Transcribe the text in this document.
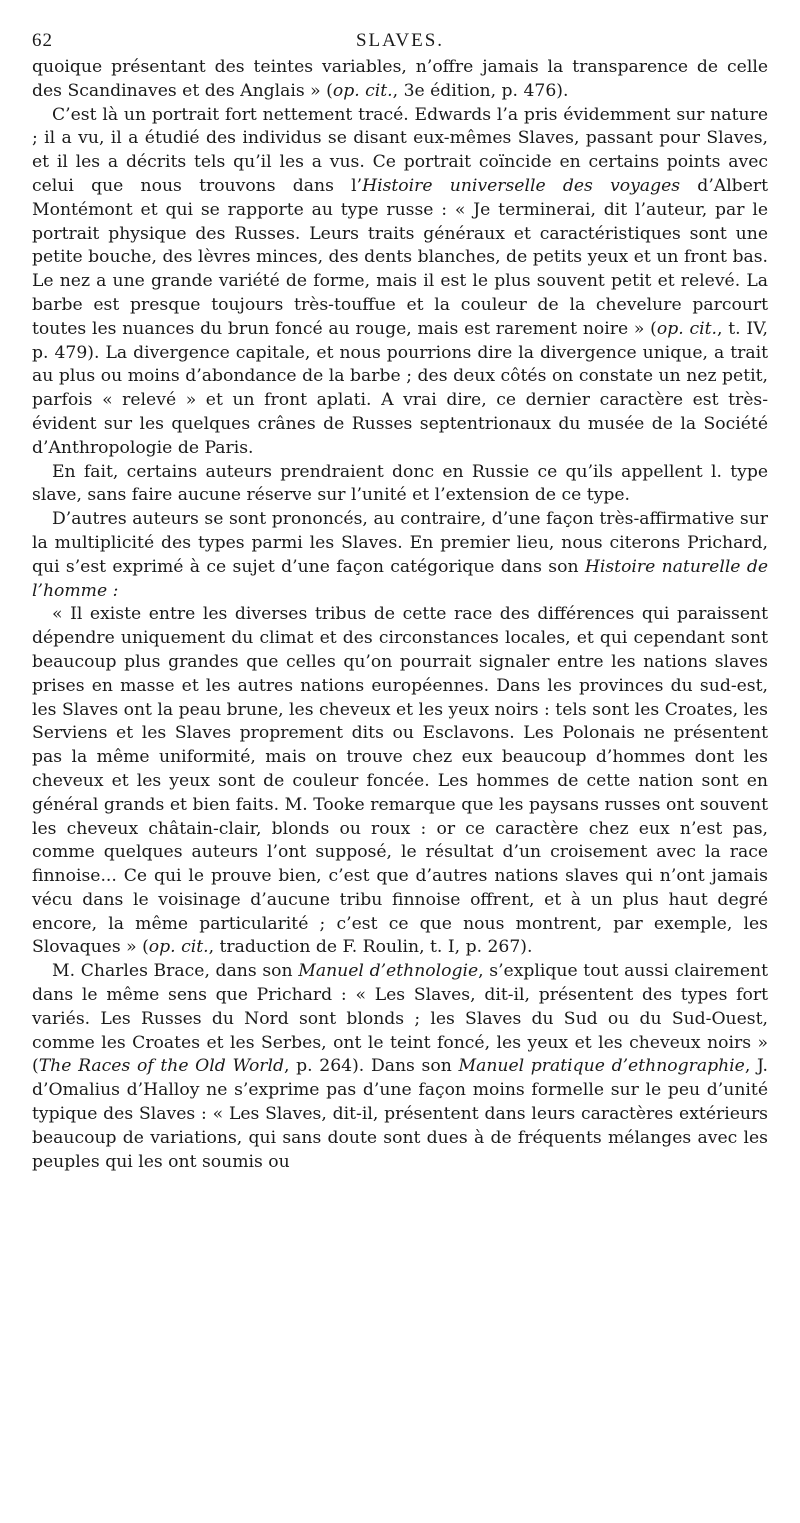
62	SLAVES.

quoique présentant des teintes variables, n’offre jamais la transparence de celle des Scandinaves et des Anglais » (op. cit., 3e édition, p. 476).

C’est là un portrait fort nettement tracé. Edwards l’a pris évidemment sur nature ; il a vu, il a étudié des individus se disant eux-mêmes Slaves, passant pour Slaves, et il les a décrits tels qu’il les a vus. Ce portrait coïncide en certains points avec celui que nous trouvons dans l’Histoire universelle des voyages d’Albert Montémont et qui se rapporte au type russe : « Je terminerai, dit l’auteur, par le portrait physique des Russes. Leurs traits généraux et caractéristiques sont une petite bouche, des lèvres minces, des dents blanches, de petits yeux et un front bas. Le nez a une grande variété de forme, mais il est le plus souvent petit et relevé. La barbe est presque toujours très-touffue et la couleur de la chevelure parcourt toutes les nuances du brun foncé au rouge, mais est rarement noire » (op. cit., t. IV, p. 479). La divergence capitale, et nous pourrions dire la divergence unique, a trait au plus ou moins d’abondance de la barbe ; des deux côtés on constate un nez petit, parfois « relevé » et un front aplati. A vrai dire, ce dernier caractère est très-évident sur les quelques crânes de Russes septentrionaux du musée de la Société d’Anthropologie de Paris.

En fait, certains auteurs prendraient donc en Russie ce qu’ils appellent l. type slave, sans faire aucune réserve sur l’unité et l’extension de ce type.

D’autres auteurs se sont prononcés, au contraire, d’une façon très-affirmative sur la multiplicité des types parmi les Slaves. En premier lieu, nous citerons Prichard, qui s’est exprimé à ce sujet d’une façon catégorique dans son Histoire naturelle de l’homme :

« Il existe entre les diverses tribus de cette race des différences qui paraissent dépendre uniquement du climat et des circonstances locales, et qui cependant sont beaucoup plus grandes que celles qu’on pourrait signaler entre les nations slaves prises en masse et les autres nations européennes. Dans les provinces du sud-est, les Slaves ont la peau brune, les cheveux et les yeux noirs : tels sont les Croates, les Serviens et les Slaves proprement dits ou Esclavons. Les Polonais ne présentent pas la même uniformité, mais on trouve chez eux beaucoup d’hommes dont les cheveux et les yeux sont de couleur foncée. Les hommes de cette nation sont en général grands et bien faits. M. Tooke remarque que les paysans russes ont souvent les cheveux châtain-clair, blonds ou roux : or ce caractère chez eux n’est pas, comme quelques auteurs l’ont supposé, le résultat d’un croisement avec la race finnoise... Ce qui le prouve bien, c’est que d’autres nations slaves qui n’ont jamais vécu dans le voisinage d’aucune tribu finnoise offrent, et à un plus haut degré encore, la même particularité ; c’est ce que nous montrent, par exemple, les Slovaques » (op. cit., traduction de F. Roulin, t. I, p. 267).

M. Charles Brace, dans son Manuel d’ethnologie, s’explique tout aussi clairement dans le même sens que Prichard : « Les Slaves, dit-il, présentent des types fort variés. Les Russes du Nord sont blonds ; les Slaves du Sud ou du Sud-Ouest, comme les Croates et les Serbes, ont le teint foncé, les yeux et les cheveux noirs » (The Races of the Old World, p. 264). Dans son Manuel pratique d’ethnographie, J. d’Omalius d’Halloy ne s’exprime pas d’une façon moins formelle sur le peu d’unité typique des Slaves : « Les Slaves, dit-il, présentent dans leurs caractères extérieurs beaucoup de variations, qui sans doute sont dues à de fréquents mélanges avec les peuples qui les ont soumis ou
